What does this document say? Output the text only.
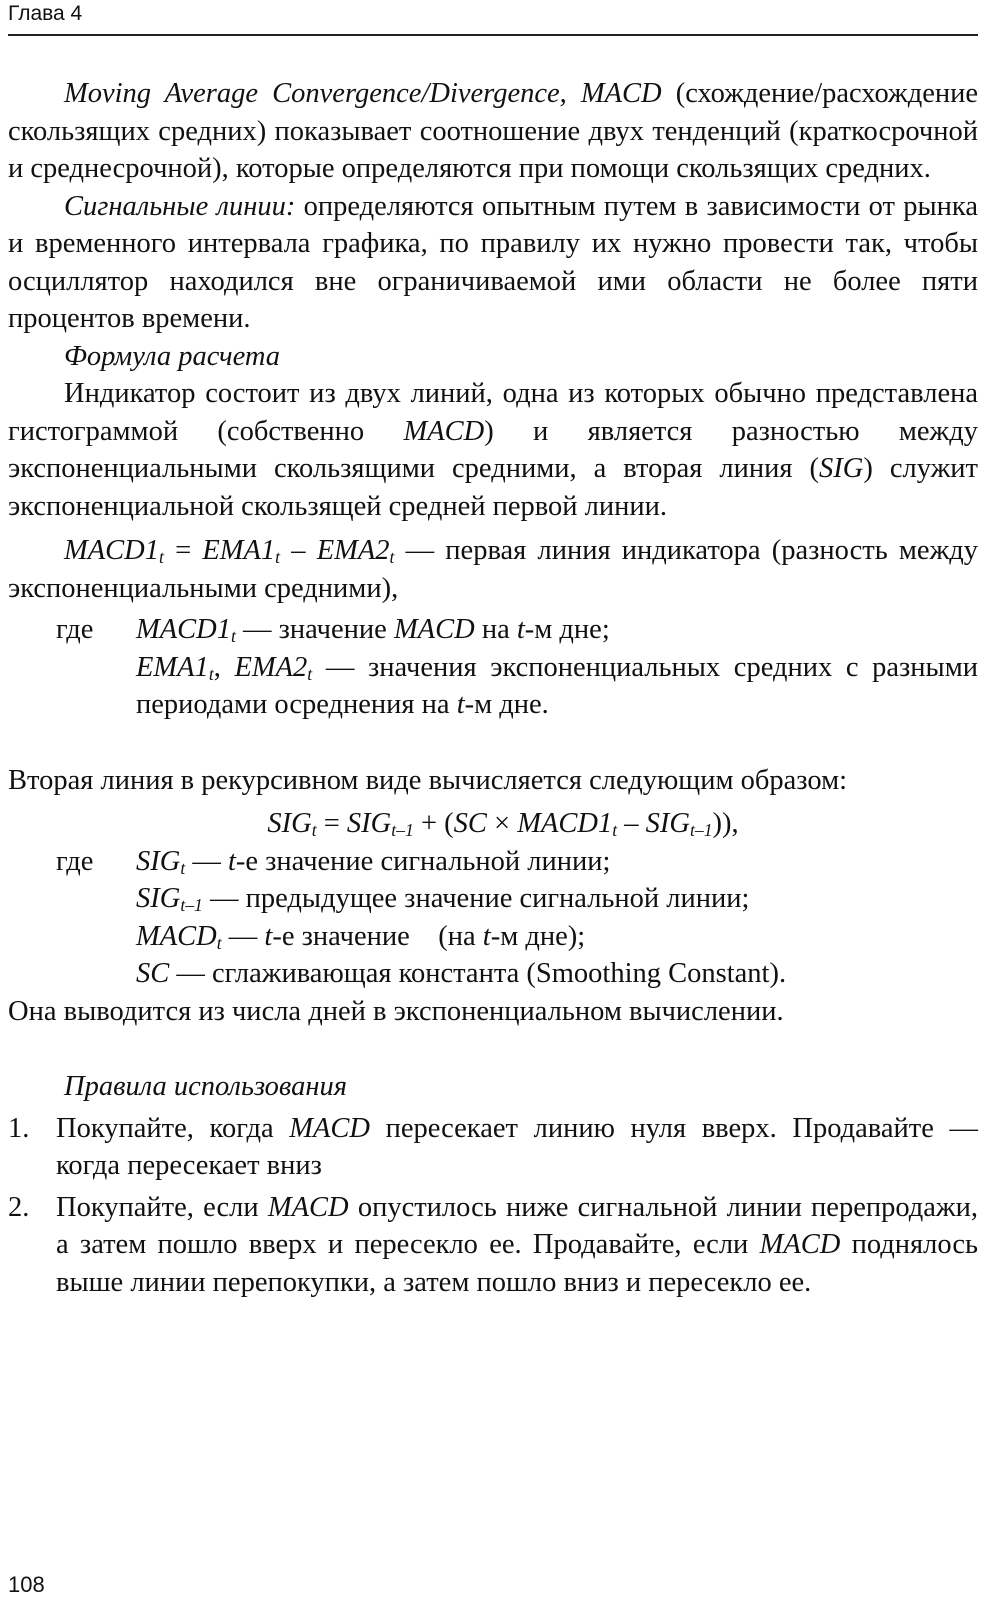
Глава 4

Moving Average Convergence/Divergence, MACD (схождение/расхождение скользящих средних) показывает соотношение двух тенденций (краткосрочной и среднесрочной), которые определяются при помощи скользящих средних.

Сигнальные линии: определяются опытным путем в зависимости от рынка и временного интервала графика, по правилу их нужно провести так, чтобы осциллятор находился вне ограничиваемой ими области не более пяти процентов времени.

Формула расчета

Индикатор состоит из двух линий, одна из которых обычно представлена гистограммой (собственно MACD) и является разностью между экспоненциальными скользящими средними, а вторая линия (SIG) служит экспоненциальной скользящей средней первой линии.

$MACD1_t = EMA1_t - EMA2_t$ — первая линия индикатора (разность между экспоненциальными средними),

где	$MACD1_t$ — значение MACD на t-м дне;

$EMA1_t$, $EMA2_t$ — значения экспоненциальных средних с разными периодами осреднения на t-м дне.

Вторая линия в рекурсивном виде вычисляется следующим образом:

$SIG_t = SIG_{t-1} + (SC$ × $MACD1_t - SIG_{t-1}$)),

где	$SIG_t$ — t-е значение сигнальной линии;

$SIG_{t-1}$ — предыдущее значение сигнальной линии;

$MACD_t$ — t-е значение    (на t-м дне);

SC — сглаживающая константа (Smoothing Constant).

Она выводится из числа дней в экспоненциальном вычислении.

Правила использования

1. Покупайте, когда MACD пересекает линию нуля вверх. Продавайте — когда пересекает вниз
2. Покупайте, если MACD опустилось ниже сигнальной линии перепродажи, а затем пошло вверх и пересекло ее. Продавайте, если MACD поднялось выше линии перепокупки, а затем пошло вниз и пересекло ее.
108
